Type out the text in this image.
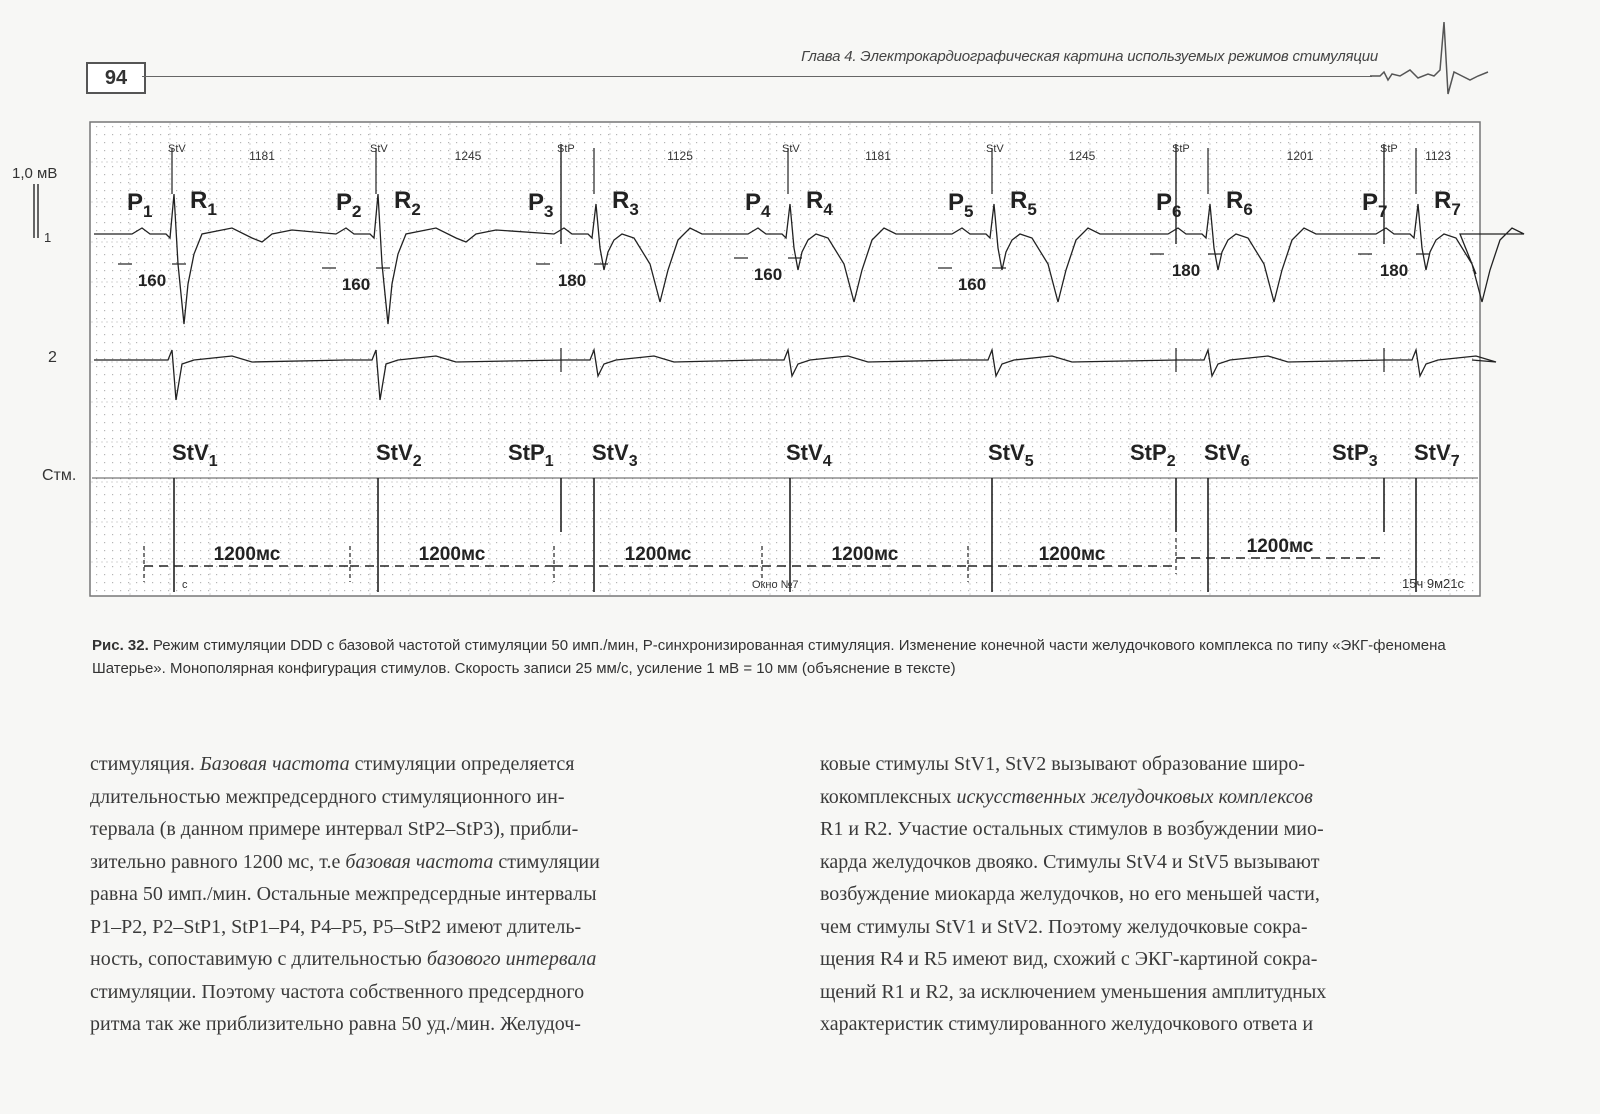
94
Глава 4. Электрокардиографическая картина используемых режимов стимуляции
1,0 мВ
1
2
Стм.
StV	StV	StP	StV	StV	StP	StP
1181	1245	1125	1181	1245	1201	1123
$P_1$	$P_2$	$P_3$	$P_4$	$P_5$	$P_6$	$P_7$
$R_1$	$R_2$	$R_3$	$R_4$	$R_5$	$R_6$	$R_7$
160	160	180	160
160
180	180
StV$_1$	StV$_2$	StP$_1$ StV$_3$	StV$_4$	StV$_5$	StP$_2$ StV$_6$	StP$_3$ StV$_7$
1200мс	1200мс	1200мс	1200мс	1200мс	1200мс
c	Окно №7	15ч 9м21с
Рис. 32. Режим стимуляции DDD с базовой частотой стимуляции 50 имп./мин, Р-синхронизированная стимуляция. Изменение конечной части желудочкового комплекса по типу «ЭКГ-феномена Шатерье». Монополярная конфигурация стимулов. Скорость записи 25 мм/с, усиление 1 мВ = 10 мм (объяснение в тексте)

стимуляция. Базовая частота стимуляции определяется
длительностью межпредсердного стимуляционного ин-
тервала (в данном примере интервал StP2–StP3), прибли-
зительно равного 1200 мс, т.е базовая частота стимуляции
равна 50 имп./мин. Остальные межпредсердные интервалы
P1–P2, P2–StP1, StP1–P4, P4–P5, P5–StP2 имеют длитель-
ность, сопоставимую с длительностью базового интервала
стимуляции. Поэтому частота собственного предсердного
ритма так же приблизительно равна 50 уд./мин. Желудоч-

ковые стимулы StV1, StV2 вызывают образование широ-
кокомплексных искусственных желудочковых комплексов
R1 и R2. Участие остальных стимулов в возбуждении мио-
карда желудочков двояко. Стимулы StV4 и StV5 вызывают
возбуждение миокарда желудочков, но его меньшей части,
чем стимулы StV1 и StV2. Поэтому желудочковые сокра-
щения R4 и R5 имеют вид, схожий с ЭКГ-картиной сокра-
щений R1 и R2, за исключением уменьшения амплитудных
характеристик стимулированного желудочкового ответа и
